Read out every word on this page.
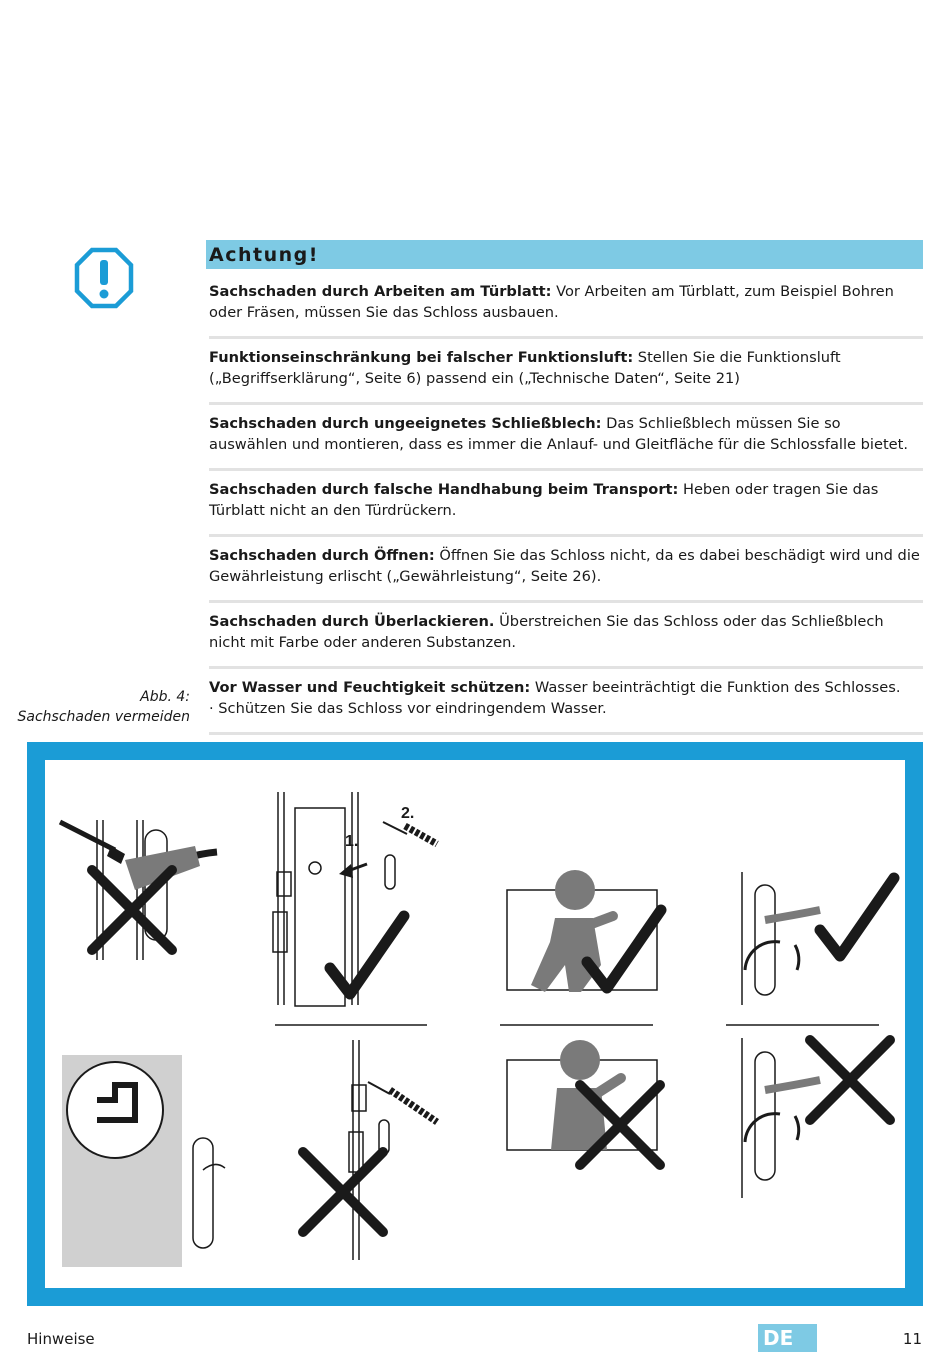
Achtung!
Sachschaden durch Arbeiten am Türblatt: Vor Arbeiten am Türblatt, zum Beispiel Bohren oder Fräsen, müssen Sie das Schloss ausbauen.
Funktionseinschränkung bei falscher Funktionsluft: Stellen Sie die Funktionsluft („Begriffserklärung“, Seite 6) passend ein („Technische Daten“, Seite 21)
Sachschaden durch ungeeignetes Schließblech: Das Schließblech müssen Sie so auswählen und montieren, dass es immer die Anlauf- und Gleitfläche für die Schlossfalle bietet.
Sachschaden durch falsche Handhabung beim Transport: Heben oder tragen Sie das Türblatt nicht an den Türdrückern.
Sachschaden durch Öffnen: Öffnen Sie das Schloss nicht, da es dabei beschädigt wird und die Gewährleistung erlischt („Gewährleistung“, Seite 26).
Sachschaden durch Überlackieren. Überstreichen Sie das Schloss oder das Schließblech nicht mit Farbe oder anderen Substanzen.
Vor Wasser und Feuchtigkeit schützen: Wasser beeinträchtigt die Funktion des Schlosses.
· Schützen Sie das Schloss vor eindringendem Wasser.
Abb. 4:
Sachschaden vermeiden
1.
2.
Hinweise	DE	11
